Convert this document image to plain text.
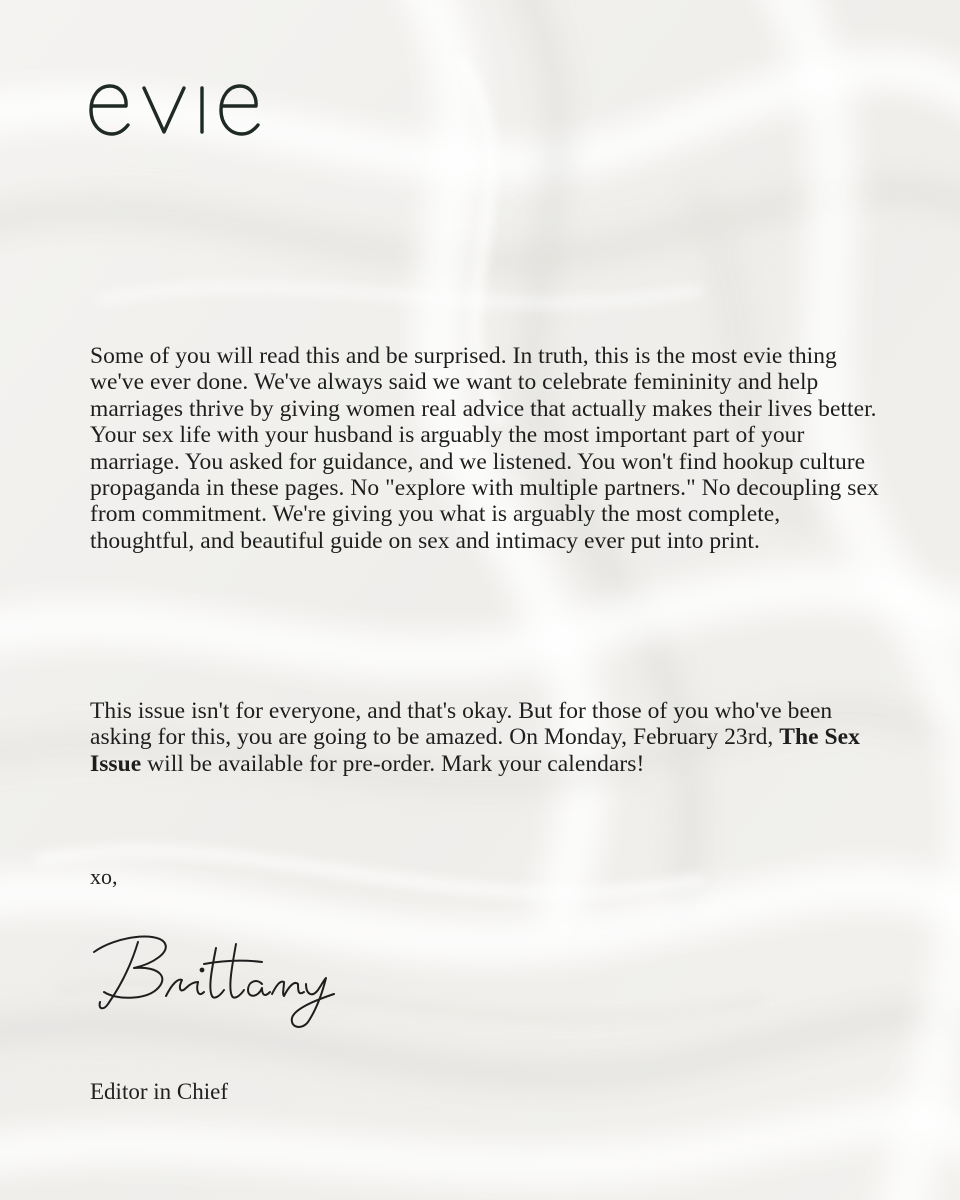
Some of you will read this and be surprised. In truth, this is the most evie thing we've ever done. We've always said we want to celebrate femininity and help marriages thrive by giving women real advice that actually makes their lives better. Your sex life with your husband is arguably the most important part of your marriage. You asked for guidance, and we listened. You won't find hookup culture propaganda in these pages. No "explore with multiple partners." No decoupling sex from commitment. We're giving you what is arguably the most complete, thoughtful, and beautiful guide on sex and intimacy ever put into print.

This issue isn't for everyone, and that's okay. But for those of you who've been asking for this, you are going to be amazed. On Monday, February 23rd, The Sex Issue will be available for pre-order. Mark your calendars!

xo,

Editor in Chief
